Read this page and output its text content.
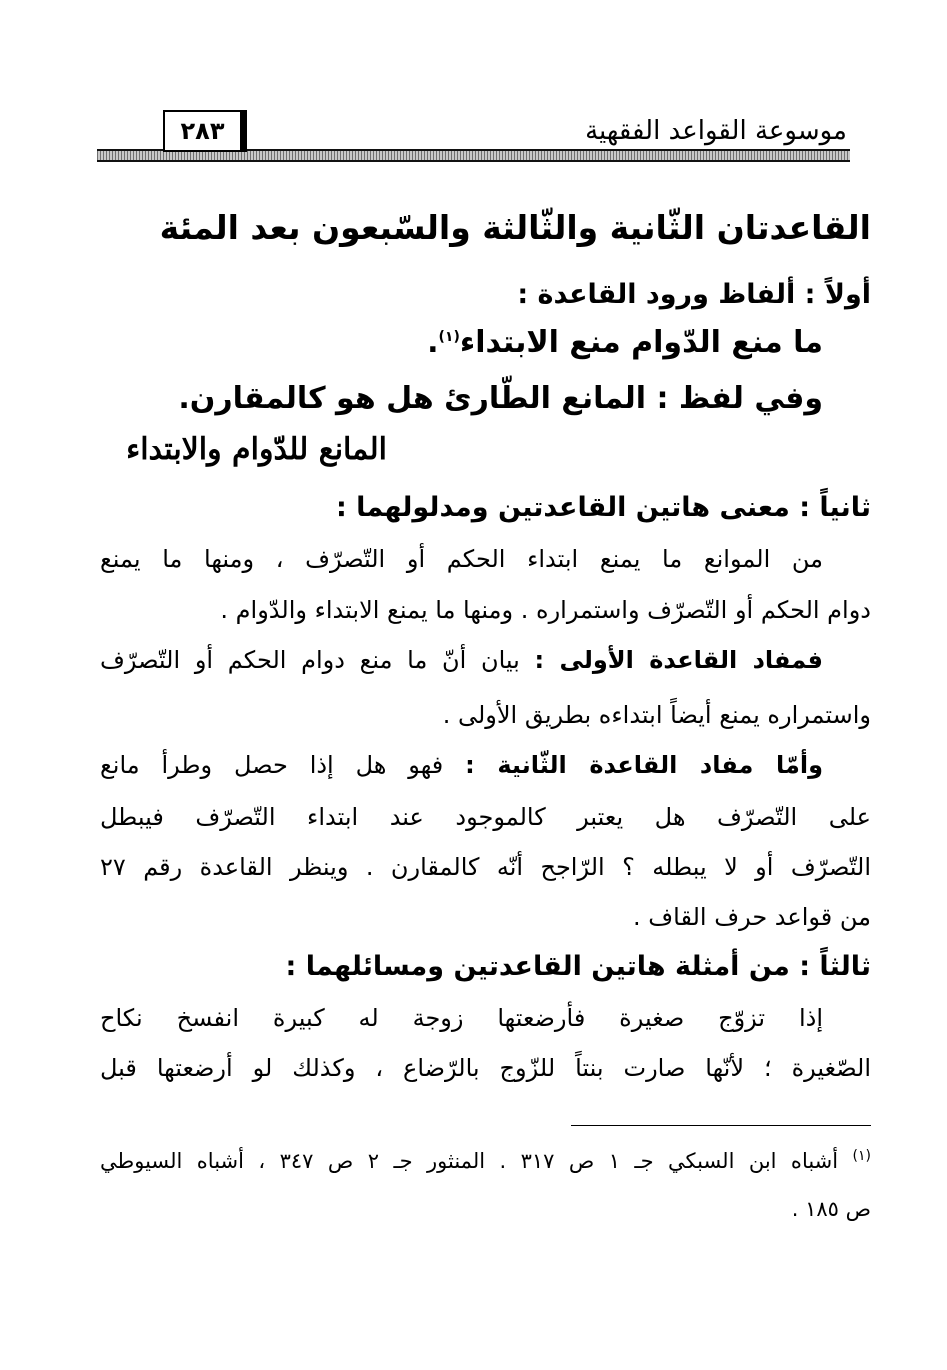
موسوعة القواعد الفقهية
٢٨٣
القاعدتان الثّانية والثّالثة والسّبعون بعد المئة
أولاً : ألفاظ ورود القاعدة :
ما منع الدّوام منع الابتداء$^{(١)}$.
وفي لفظ : المانع الطّارئ هل هو كالمقارن.
المانع للدّوام والابتداء
ثانياً : معنى هاتين القاعدتين ومدلولهما :
من الموانع ما يمنع ابتداء الحكم أو التّصرّف ، ومنها ما يمنع
دوام الحكم أو التّصرّف واستمراره . ومنها ما يمنع الابتداء والدّوام .
فمفاد القاعدة الأولى : بيان أنّ ما منع دوام الحكم أو التّصرّف
واستمراره يمنع أيضاً ابتداءه بطريق الأولى .
وأمّا مفاد القاعدة الثّانية : فهو هل إذا حصل وطرأ مانع
على التّصرّف هل يعتبر كالموجود عند ابتداء التّصرّف فيبطل
التّصرّف أو لا يبطله ؟ الرّاجح أنّه كالمقارن . وينظر القاعدة رقم ٢٧
من قواعد حرف القاف .
ثالثاً : من أمثلة هاتين القاعدتين ومسائلهما :
إذا تزوّج صغيرة فأرضعتها زوجة له كبيرة انفسخ نكاح
الصّغيرة ؛ لأنّها صارت بنتاً للزّوج بالرّضاع ، وكذلك لو أرضعتها قبل
$^{(١)}$ أشباه ابن السبكي جـ ١ ص ٣١٧ . المنثور جـ ٢ ص ٣٤٧ ، أشباه السيوطي
ص ١٨٥ .
